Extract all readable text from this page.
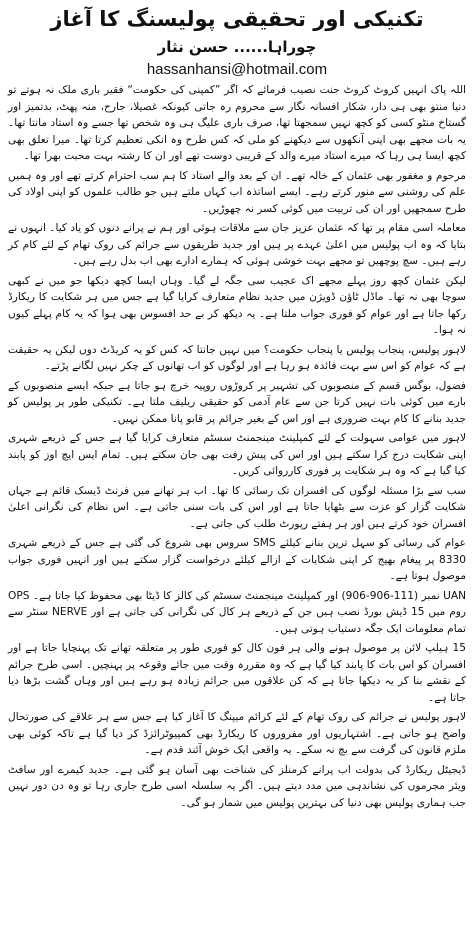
تکنیکی اور تحقیقی پولیسنگ کا آغاز
چوراہا...... حسن نثار
hassanhansi@hotmail.com

اللہ پاک انہیں کروٹ کروٹ جنت نصیب فرمائے کہ اگر ”کمپنی کی حکومت“ فقیر باری ملک نہ ہوتے تو دنیا منتو بھی ہی دار، شکار افسانہ نگار سے محروم رہ جاتی کیونکہ غصیلا، جارح، منہ پھٹ، بدتمیز اور گستاخ منٹو کسی کو کچھ نہیں سمجھتا تھا، صرف باری علیگ ہی وہ شخص تھا جسے وہ استاد مانتا تھا۔ یہ بات مجھے بھی اپنی آنکھوں سے دیکھنے کو ملی کہ کس طرح وہ انکی تعظیم کرتا تھا۔ میرا تعلق بھی کچھ ایسا ہی رہا کہ میرے استاد میرے والد کے قریبی دوست تھے اور ان کا رشتہ بہت محبت بھرا تھا۔

مرحوم و مغفور بھی عثمان کے خالہ تھے۔ ان کے بعد والے استاد کا ہم سب احترام کرتے تھے اور وہ ہمیں علم کی روشنی سے منور کرتے رہے۔ ایسے اساتذہ اب کہاں ملتے ہیں جو طالب علموں کو اپنی اولاد کی طرح سمجھیں اور ان کی تربیت میں کوئی کسر نہ چھوڑیں۔

معاملہ اسی مقام پر تھا کہ عثمان عزیز جان سے ملاقات ہوئی اور ہم نے پرانے دنوں کو یاد کیا۔ انہوں نے بتایا کہ وہ اب پولیس میں اعلیٰ عہدے پر ہیں اور جدید طریقوں سے جرائم کی روک تھام کے لئے کام کر رہے ہیں۔ سچ پوچھیں تو مجھے بہت خوشی ہوئی کہ ہمارے ادارے بھی اب بدل رہے ہیں۔

لیکن عثمان کچھ روز پہلے مجھے اک عجیب سی جگہ لے گیا۔ وہاں ایسا کچھ دیکھا جو میں نے کبھی سوچا بھی نہ تھا۔ ماڈل ٹاؤن ڈویژن میں جدید نظام متعارف کرایا گیا ہے جس میں ہر شکایت کا ریکارڈ رکھا جاتا ہے اور عوام کو فوری جواب ملتا ہے۔ یہ دیکھ کر بے حد افسوس بھی ہوا کہ یہ کام پہلے کیوں نہ ہوا۔

لاہور پولیس، پنجاب پولیس یا پنجاب حکومت؟ میں نہیں جانتا کہ کس کو یہ کریڈٹ دوں لیکن یہ حقیقت ہے کہ عوام کو اس سے بہت فائدہ ہو رہا ہے اور لوگوں کو اب تھانوں کے چکر نہیں لگانے پڑتے۔

فضول، بوگس قسم کے منصوبوں کی تشہیر پر کروڑوں روپیہ خرچ ہو جاتا ہے جبکہ ایسے منصوبوں کے بارے میں کوئی بات نہیں کرتا جن سے عام آدمی کو حقیقی ریلیف ملتا ہے۔ تکنیکی طور پر پولیس کو جدید بنانے کا کام بہت ضروری ہے اور اس کے بغیر جرائم پر قابو پانا ممکن نہیں۔

لاہور میں عوامی سہولت کے لئے کمپلینٹ مینجمنٹ سسٹم متعارف کرایا گیا ہے جس کے ذریعے شہری اپنی شکایت درج کرا سکتے ہیں اور اس کی پیش رفت بھی جان سکتے ہیں۔ تمام ایس ایچ اوز کو پابند کیا گیا ہے کہ وہ ہر شکایت پر فوری کارروائی کریں۔

سب سے بڑا مسئلہ لوگوں کی افسران تک رسائی کا تھا۔ اب ہر تھانے میں فرنٹ ڈیسک قائم ہے جہاں شکایت گزار کو عزت سے بٹھایا جاتا ہے اور اس کی بات سنی جاتی ہے۔ اس نظام کی نگرانی اعلیٰ افسران خود کرتے ہیں اور ہر ہفتے رپورٹ طلب کی جاتی ہے۔

عوام کی رسائی کو سہل ترین بنانے کیلئے SMS سروس بھی شروع کی گئی ہے جس کے ذریعے شہری 8330 پر پیغام بھیج کر اپنی شکایات کے ازالے کیلئے درخواست گزار سکتے ہیں اور انہیں فوری جواب موصول ہوتا ہے۔

UAN نمبر (111-906-906) اور کمپلینٹ مینجمنٹ سسٹم کی کالز کا ڈیٹا بھی محفوظ کیا جاتا ہے۔ OPS روم میں 15 ڈیش بورڈ نصب ہیں جن کے ذریعے ہر کال کی نگرانی کی جاتی ہے اور NERVE سنٹر سے تمام معلومات ایک جگہ دستیاب ہوتی ہیں۔

15 ہیلپ لائن پر موصول ہونے والی ہر فون کال کو فوری طور پر متعلقہ تھانے تک پہنچایا جاتا ہے اور افسران کو اس بات کا پابند کیا گیا ہے کہ وہ مقررہ وقت میں جائے وقوعہ پر پہنچیں۔ اسی طرح جرائم کے نقشے بنا کر یہ دیکھا جاتا ہے کہ کن علاقوں میں جرائم زیادہ ہو رہے ہیں اور وہاں گشت بڑھا دیا جاتا ہے۔

لاہور پولیس نے جرائم کی روک تھام کے لئے کرائم میپنگ کا آغاز کیا ہے جس سے ہر علاقے کی صورتحال واضح ہو جاتی ہے۔ اشتہاریوں اور مفروروں کا ریکارڈ بھی کمپیوٹرائزڈ کر دیا گیا ہے تاکہ کوئی بھی ملزم قانون کی گرفت سے بچ نہ سکے۔ یہ واقعی ایک خوش آئند قدم ہے۔

ڈیجیٹل ریکارڈ کی بدولت اب پرانے کرمنلز کی شناخت بھی آسان ہو گئی ہے۔ جدید کیمرے اور سافٹ ویئر مجرموں کی نشاندہی میں مدد دیتے ہیں۔ اگر یہ سلسلہ اسی طرح جاری رہا تو وہ دن دور نہیں جب ہماری پولیس بھی دنیا کی بہترین پولیس میں شمار ہو گی۔
